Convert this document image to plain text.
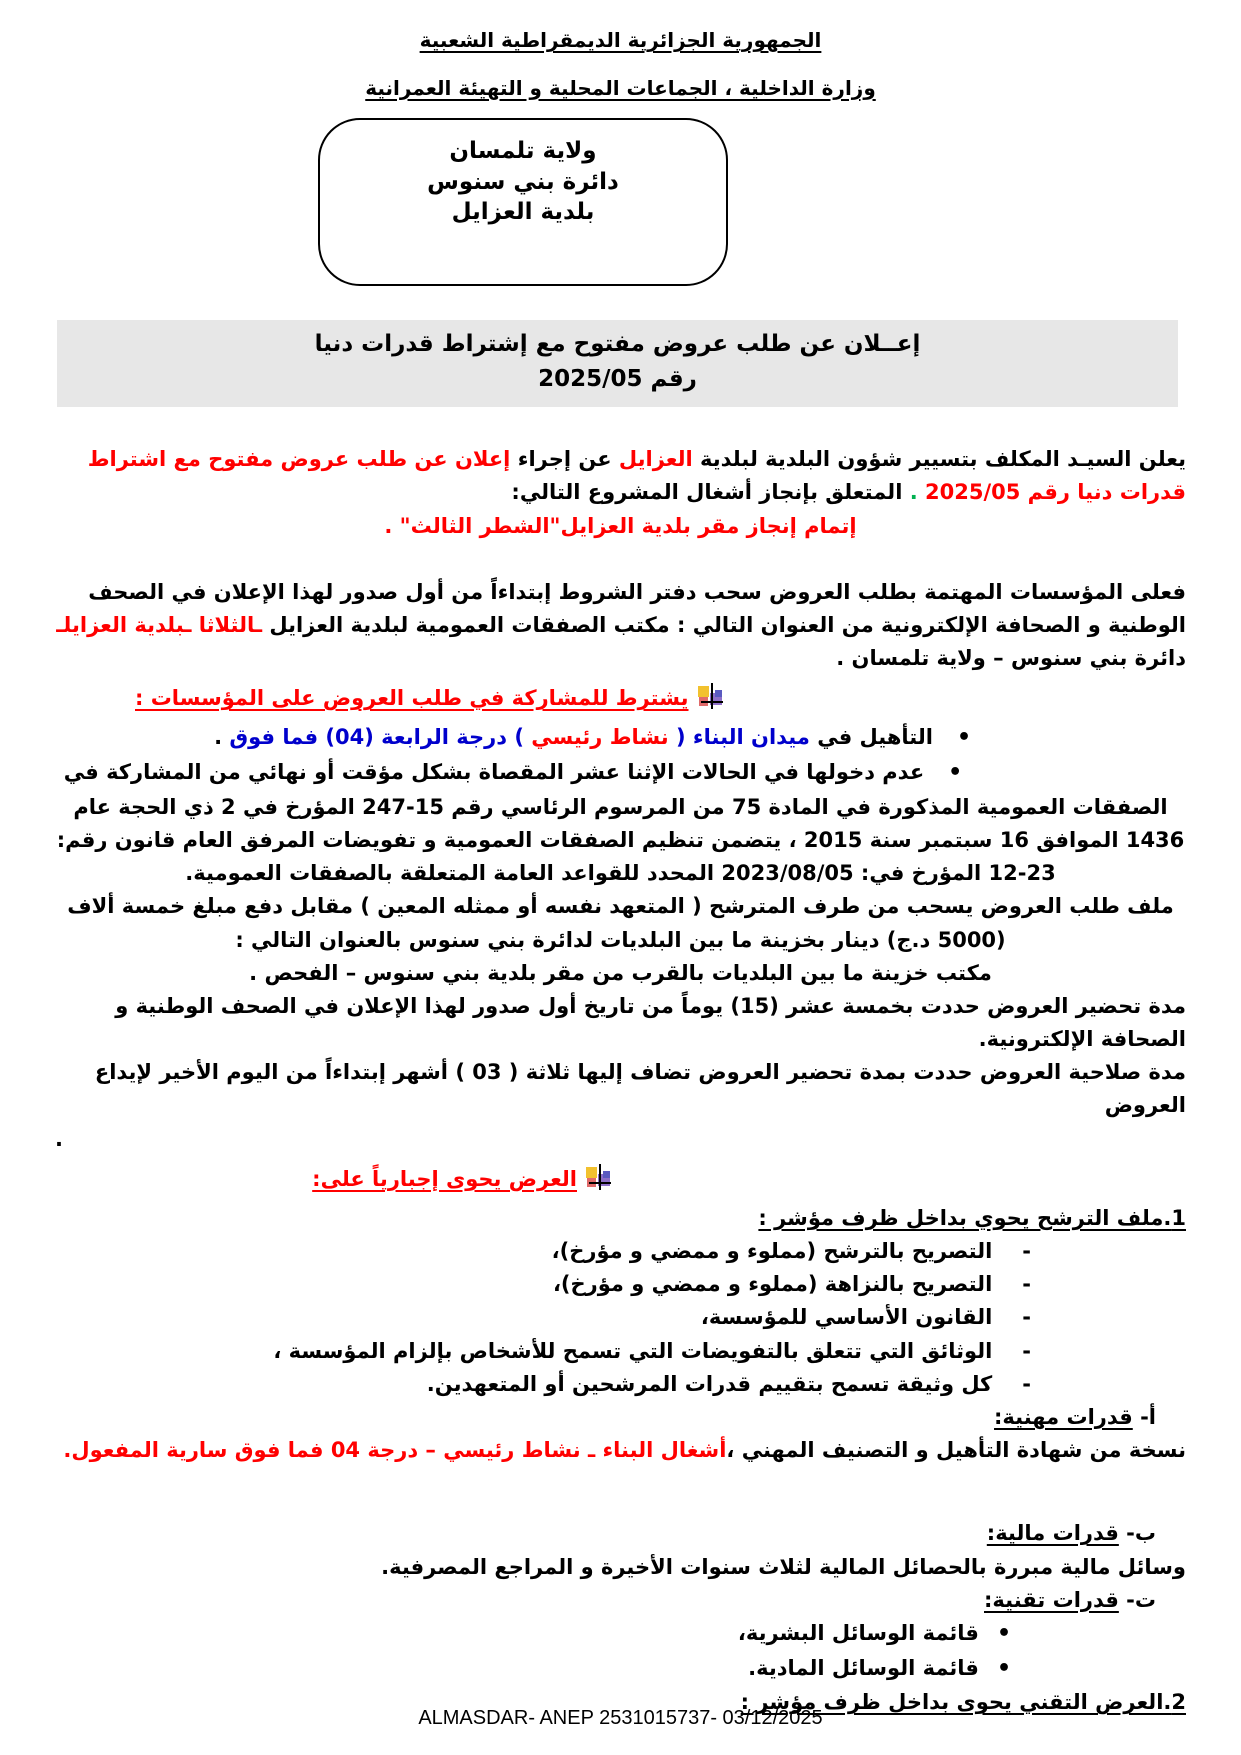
الجمهورية الجزائرية الديمقراطية الشعبية
وزارة الداخلية ، الجماعات المحلية و التهيئة العمرانية
ولاية تلمسان
دائرة بني سنوس
بلدية العزايل
إعــلان عن طلب عروض مفتوح مع إشتراط قدرات دنيا
رقم 2025/05
يعلن السيـد المكلف بتسيير شؤون البلدية لبلدية العزايل عن إجراء إعلان عن طلب عروض مفتوح مع اشتراط قدرات دنيا رقم 2025/05 . المتعلق بإنجاز أشغال المشروع التالي:
إتمام إنجاز مقر بلدية العزايل"الشطر الثالث" .
فعلى المؤسسات المهتمة بطلب العروض سحب دفتر الشروط إبتداءاً من أول صدور لهذا الإعلان في الصحف الوطنية و الصحافة الإلكترونية من العنوان التالي : مكتب الصفقات العمومية لبلدية العزايل ـالثلاثا ـبلدية العزايلـ دائرة بني سنوس – ولاية تلمسان .
يشترط للمشاركة في طلب العروض على المؤسسات :
•التأهيل في ميدان البناء ( نشاط رئيسي ) درجة الرابعة (04) فما فوق .
•عدم دخولها في الحالات الإثنا عشر المقصاة بشكل مؤقت أو نهائي من المشاركة في الصفقات العمومية المذكورة في المادة 75 من المرسوم الرئاسي رقم 15-247 المؤرخ في 2 ذي الحجة عام 1436 الموافق 16 سبتمبر سنة 2015 ، يتضمن تنظيم الصفقات العمومية و تفويضات المرفق العام قانون رقم: 23-12 المؤرخ في: 2023/08/05 المحدد للقواعد العامة المتعلقة بالصفقات العمومية.
ملف طلب العروض يسحب من طرف المترشح ( المتعهد نفسه أو ممثله المعين ) مقابل دفع مبلغ خمسة ألاف (5000 د.ج) دينار بخزينة ما بين البلديات لدائرة بني سنوس بالعنوان التالي :
مكتب خزينة ما بين البلديات بالقرب من مقر بلدية بني سنوس – الفحص .
مدة تحضير العروض حددت بخمسة عشر (15) يوماً من تاريخ أول صدور لهذا الإعلان في الصحف الوطنية و الصحافة الإلكترونية.
مدة صلاحية العروض حددت بمدة تحضير العروض تضاف إليها ثلاثة ( 03 ) أشهر إبتداءاً من اليوم الأخير لإيداع العروض
.
العرض يحوى إجبارياً على:
1.ملف الترشح يحوي بداخل ظرف مؤشر :
-التصريح بالترشح (مملوء و ممضي و مؤرخ)،
-التصريح بالنزاهة (مملوء و ممضي و مؤرخ)،
-القانون الأساسي للمؤسسة،
-الوثائق التي تتعلق بالتفويضات التي تسمح للأشخاص بإلزام المؤسسة ،
-كل وثيقة تسمح بتقييم قدرات المرشحين أو المتعهدين.
أ- قدرات مهنية:
نسخة من شهادة التأهيل و التصنيف المهني ،أشغال البناء ـ نشاط رئيسي – درجة 04 فما فوق سارية المفعول.
ب- قدرات مالية:
وسائل مالية مبررة بالحصائل المالية لثلاث سنوات الأخيرة و المراجع المصرفية.
ت- قدرات تقنية:
•قائمة الوسائل البشرية،
•قائمة الوسائل المادية.
2.العرض التقني يحوى بداخل ظرف مؤشر :
ALMASDAR- ANEP 2531015737- 03/12/2025
